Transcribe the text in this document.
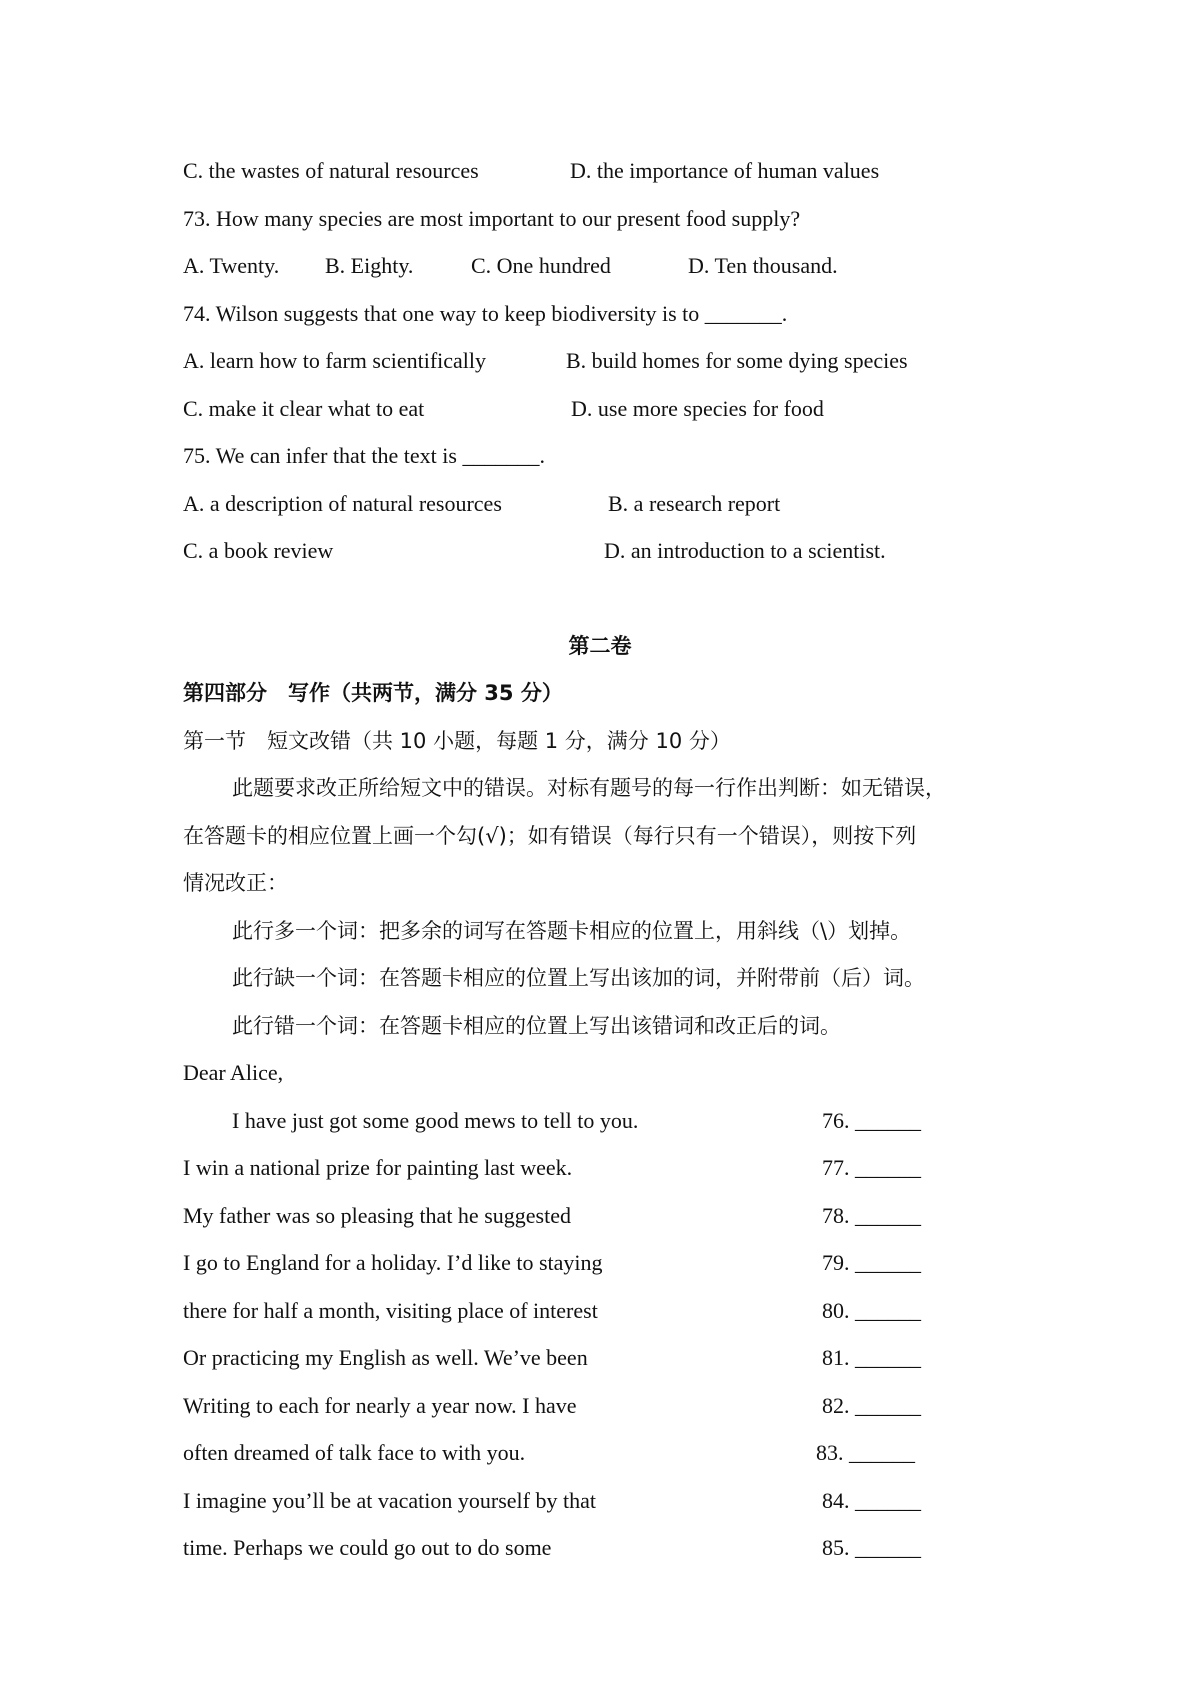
C. the wastes of natural resources	D. the importance of human values
73. How many species are most important to our present food supply?
A. Twenty. B. Eighty.	C. One hundred	D. Ten thousand.
74. Wilson suggests that one way to keep biodiversity is to _______.
A. learn how to farm scientifically	B. build homes for some dying species
C. make it clear what to eat	D. use more species for food
75. We can infer that the text is _______.
A. a description of natural resources	B. a research report
C. a book review	D. an introduction to a scientist.
第二卷
第四部分　写作（共两节，满分 35 分）
第一节　短文改错（共 10 小题，每题 1 分，满分 10 分）
此题要求改正所给短文中的错误。对标有题号的每一行作出判断：如无错误，
在答题卡的相应位置上画一个勾(√)；如有错误（每行只有一个错误），则按下列
情况改正：
此行多一个词：把多余的词写在答题卡相应的位置上，用斜线（\）划掉。
此行缺一个词：在答题卡相应的位置上写出该加的词，并附带前（后）词。
此行错一个词：在答题卡相应的位置上写出该错词和改正后的词。
Dear Alice,
I have just got some good mews to tell to you.	76. ______
I win a national prize for painting last week.	77. ______
My father was so pleasing that he suggested	78. ______
I go to England for a holiday. I’d like to staying	79. ______
there for half a month, visiting place of interest	80. ______
Or practicing my English as well. We’ve been	81. ______
Writing to each for nearly a year now. I have	82. ______
often dreamed of talk face to with you.	83. ______
I imagine you’ll be at vacation yourself by that	84. ______
time. Perhaps we could go out to do some	85. ______
